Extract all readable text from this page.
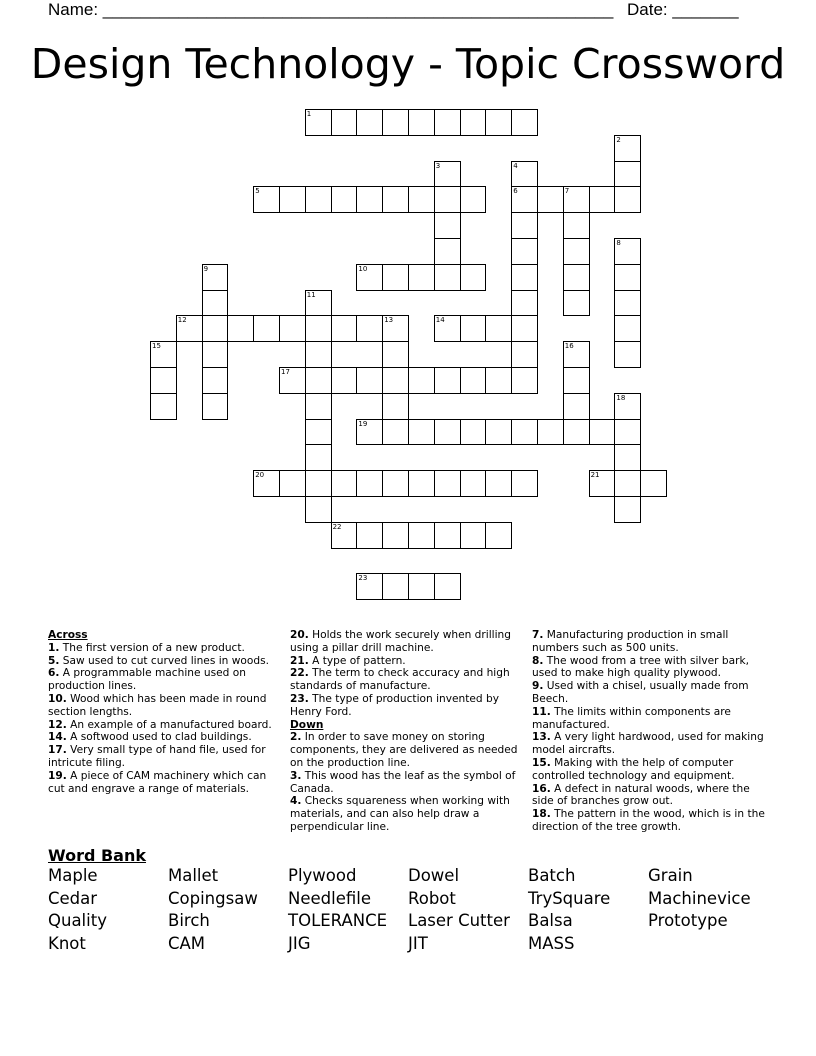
Name: ______________________________________________________ Date: _______
Design Technology - Topic Crossword
1
5	6	7
10
12	14
17
19
20	21
22
23
2
3	4
8
9
11
13
15	16
18
Across
1. The first version of a new product.
5. Saw used to cut curved lines in woods.
6. A programmable machine used on production lines.
10. Wood which has been made in round section lengths.
12. An example of a manufactured board.
14. A softwood used to clad buildings.
17. Very small type of hand file, used for intricute filing.
19. A piece of CAM machinery which can cut and engrave a range of materials.
20. Holds the work securely when drilling using a pillar drill machine.
21. A type of pattern.
22. The term to check accuracy and high standards of manufacture.
23. The type of production invented by Henry Ford.
Down
2. In order to save money on storing components, they are delivered as needed on the production line.
3. This wood has the leaf as the symbol of Canada.
4. Checks squareness when working with materials, and can also help draw a perpendicular line.
7. Manufacturing production in small numbers such as 500 units.
8. The wood from a tree with silver bark, used to make high quality plywood.
9. Used with a chisel, usually made from Beech.
11. The limits within components are manufactured.
13. A very light hardwood, used for making model aircrafts.
15. Making with the help of computer controlled technology and equipment.
16. A defect in natural woods, where the side of branches grow out.
18. The pattern in the wood, which is in the direction of the tree growth.
Word Bank
Maple	Mallet	Plywood	Dowel	Batch	Grain
Cedar	Copingsaw	Needlefile	Robot	TrySquare	Machinevice
Quality	Birch	TOLERANCE	Laser Cutter	Balsa	Prototype
Knot	CAM	JIG	JIT	MASS
